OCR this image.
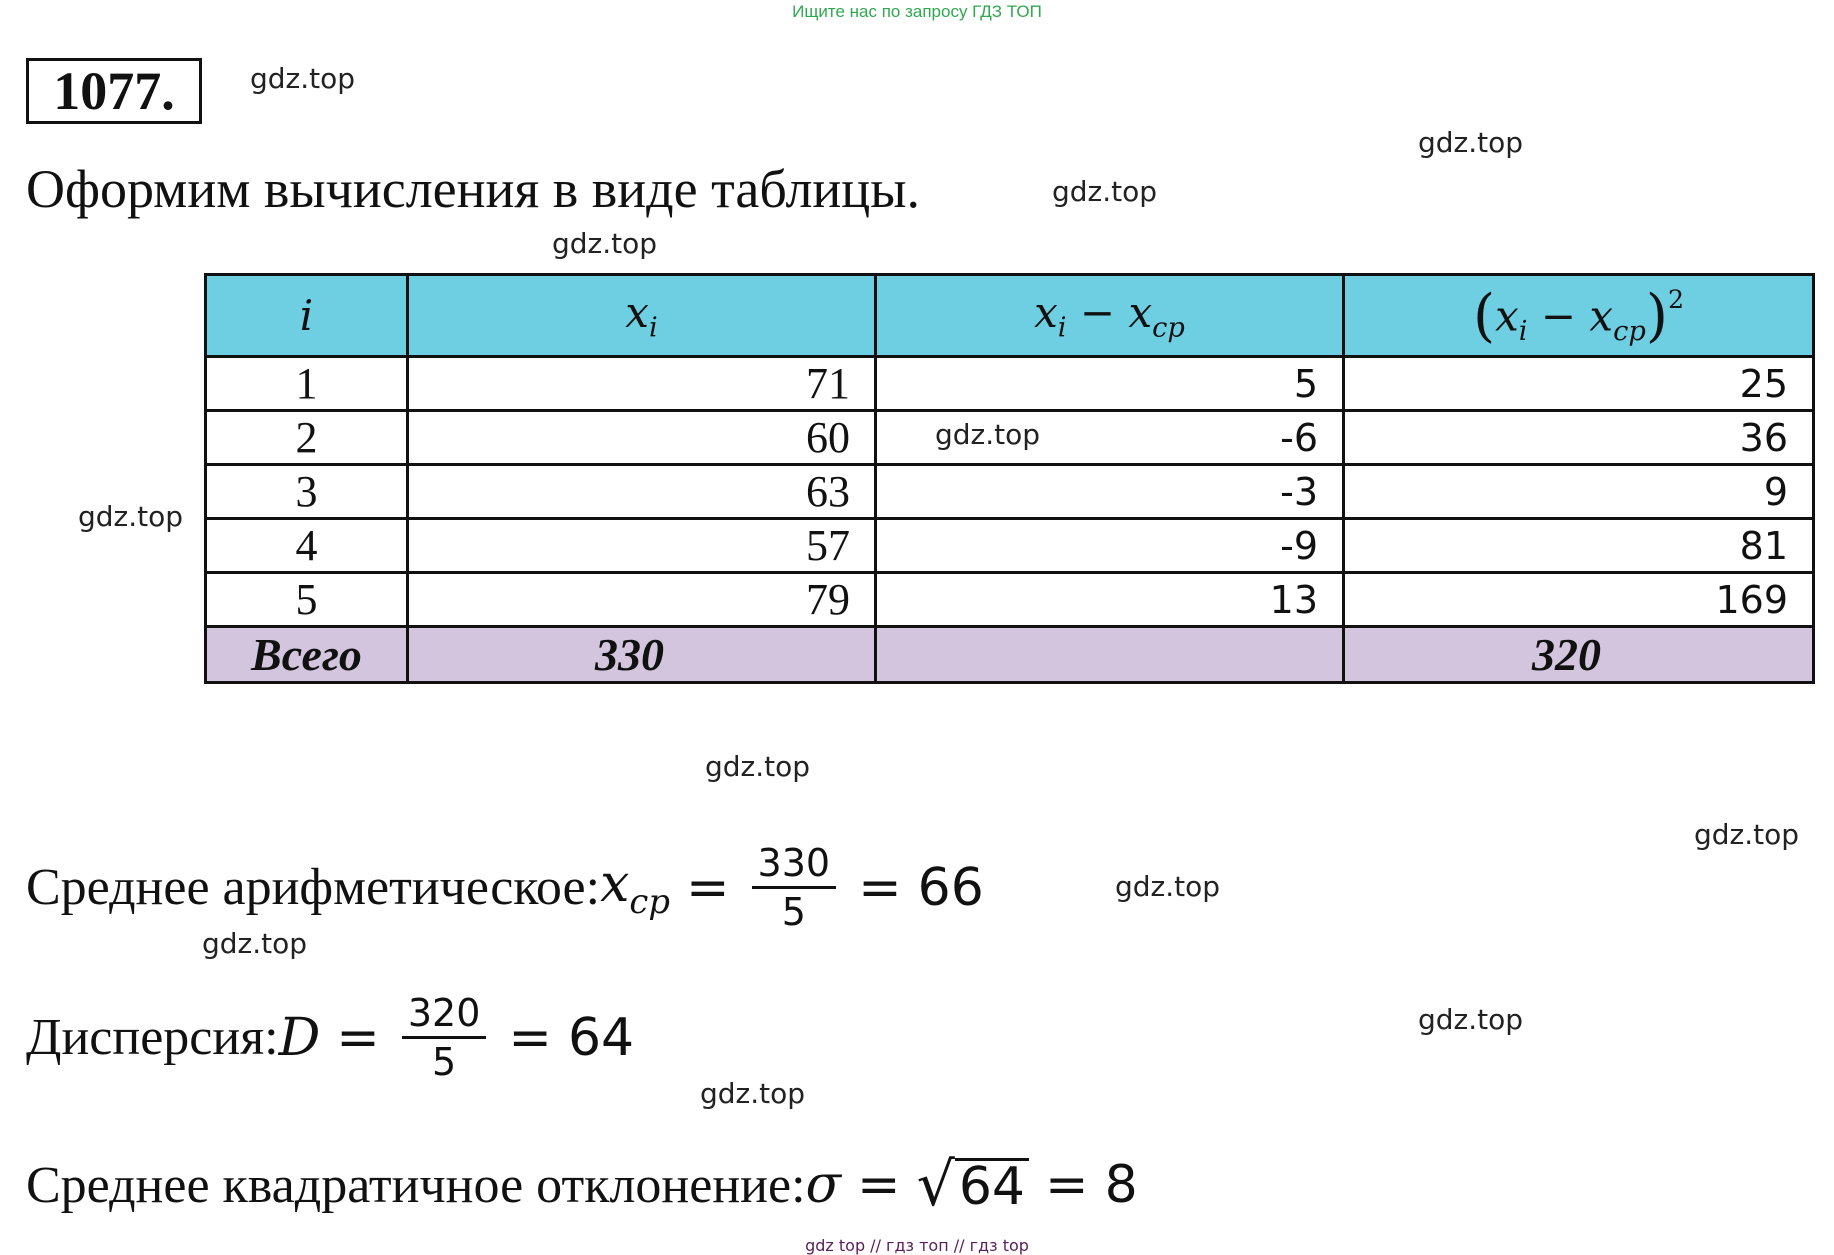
Ищите нас по запросу ГДЗ ТОП
1077.
Оформим вычисления в виде таблицы.
gdz.top
gdz.top
gdz.top
gdz.top
gdz.top
gdz.top
gdz.top
gdz.top
gdz.top
gdz.top
gdz.top
i	$x_i$	$x_i - x_{cp}$	$(x_i - x_{cp})^2$
1	71	5	25
2	60	gdz.top -6	36
3	63	-3	9
4	57	-9	81
5	79	13	169
Всего	330		320
Среднее арифметическое: $x_{cp} = \frac{330}{5} = 66$
Дисперсия: $D = \frac{320}{5} = 64$
Среднее квадратичное отклонение: σ = √ 64 = 8
gdz top // гдз топ // гдз top
